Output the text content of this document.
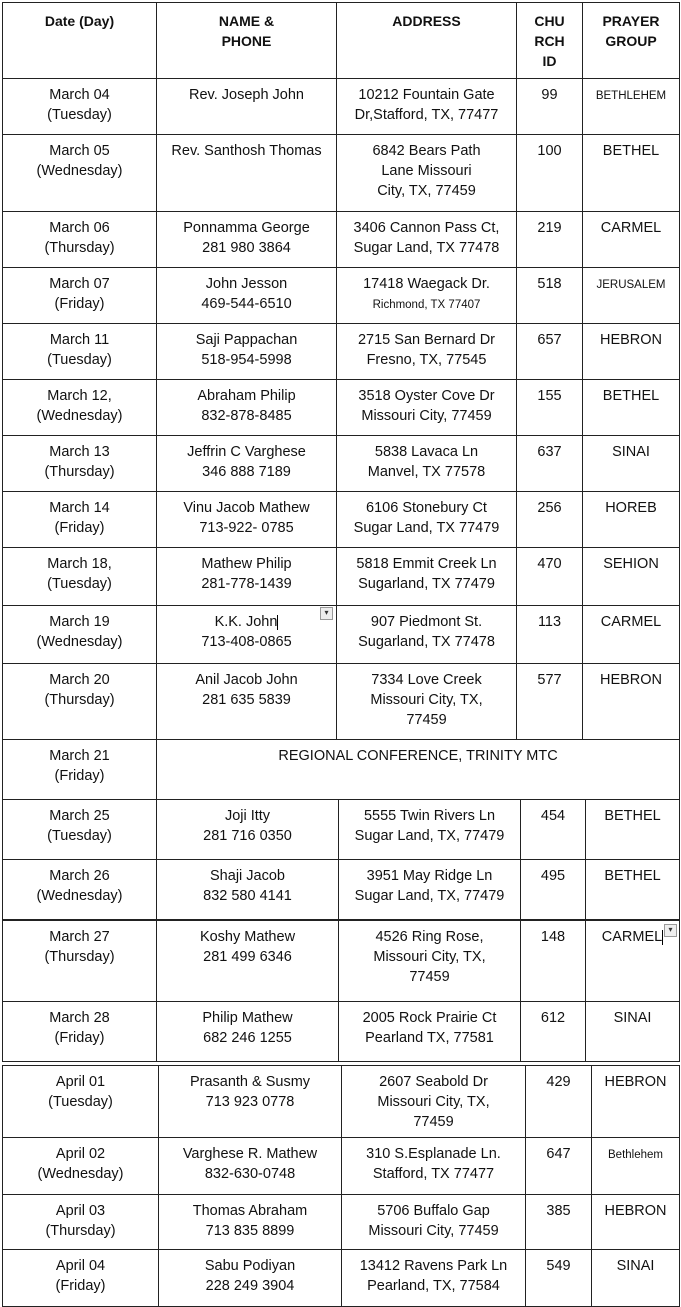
Date (Day)	NAME &
PHONE	ADDRESS	CHU
RCH
ID	PRAYER
GROUP
March 04
(Tuesday)	Rev. Joseph John	10212 Fountain Gate
Dr,Stafford, TX, 77477	99	BETHLEHEM
March 05
(Wednesday)	Rev. Santhosh Thomas	6842 Bears Path
Lane Missouri
City, TX, 77459	100	BETHEL
March 06
(Thursday)	Ponnamma George
281 980 3864	3406 Cannon Pass Ct,
Sugar Land, TX 77478	219	CARMEL
March 07
(Friday)	John Jesson
469-544-6510	17418 Waegack Dr.
Richmond, TX 77407	518	JERUSALEM
March 11
(Tuesday)	Saji Pappachan
518-954-5998	2715 San Bernard Dr
Fresno, TX, 77545	657	HEBRON
March 12,
(Wednesday)	Abraham Philip
832-878-8485	3518 Oyster Cove Dr
Missouri City, 77459	155	BETHEL
March 13
(Thursday)	Jeffrin C Varghese
346 888 7189	5838 Lavaca Ln
Manvel, TX 77578	637	SINAI
March 14
(Friday)	Vinu Jacob Mathew
713-922- 0785	6106 Stonebury Ct
Sugar Land, TX 77479	256	HOREB
March 18,
(Tuesday)	Mathew Philip
281-778-1439	5818 Emmit Creek Ln
Sugarland, TX 77479	470	SEHION
March 19
(Wednesday)	K.K. John
713-408-0865	907 Piedmont St.
Sugarland, TX 77478	113	CARMEL
March 20
(Thursday)	Anil Jacob John
281 635 5839	7334 Love Creek
Missouri City, TX,
77459	577	HEBRON
March 21
(Friday)	REGIONAL CONFERENCE, TRINITY MTC			
March 25
(Tuesday)	Joji Itty
281 716 0350	5555 Twin Rivers Ln
Sugar Land, TX, 77479	454	BETHEL
March 26
(Wednesday)	Shaji Jacob
832 580 4141	3951 May Ridge Ln
Sugar Land, TX, 77479	495	BETHEL
March 27
(Thursday)	Koshy Mathew
281 499 6346	4526 Ring Rose,
Missouri City, TX,
77459	148	CARMEL
March 28
(Friday)	Philip Mathew
682 246 1255	2005 Rock Prairie Ct
Pearland TX, 77581	612	SINAI
April 01
(Tuesday)	Prasanth & Susmy
713 923 0778	2607 Seabold Dr
Missouri City, TX,
77459	429	HEBRON
April 02
(Wednesday)	Varghese R. Mathew
832-630-0748	310 S.Esplanade Ln.
Stafford, TX 77477	647	Bethlehem
April 03
(Thursday)	Thomas Abraham
713 835 8899	5706 Buffalo Gap
Missouri City, 77459	385	HEBRON
April 04
(Friday)	Sabu Podiyan
228 249 3904	13412 Ravens Park Ln
Pearland, TX, 77584	549	SINAI
▾
▾
